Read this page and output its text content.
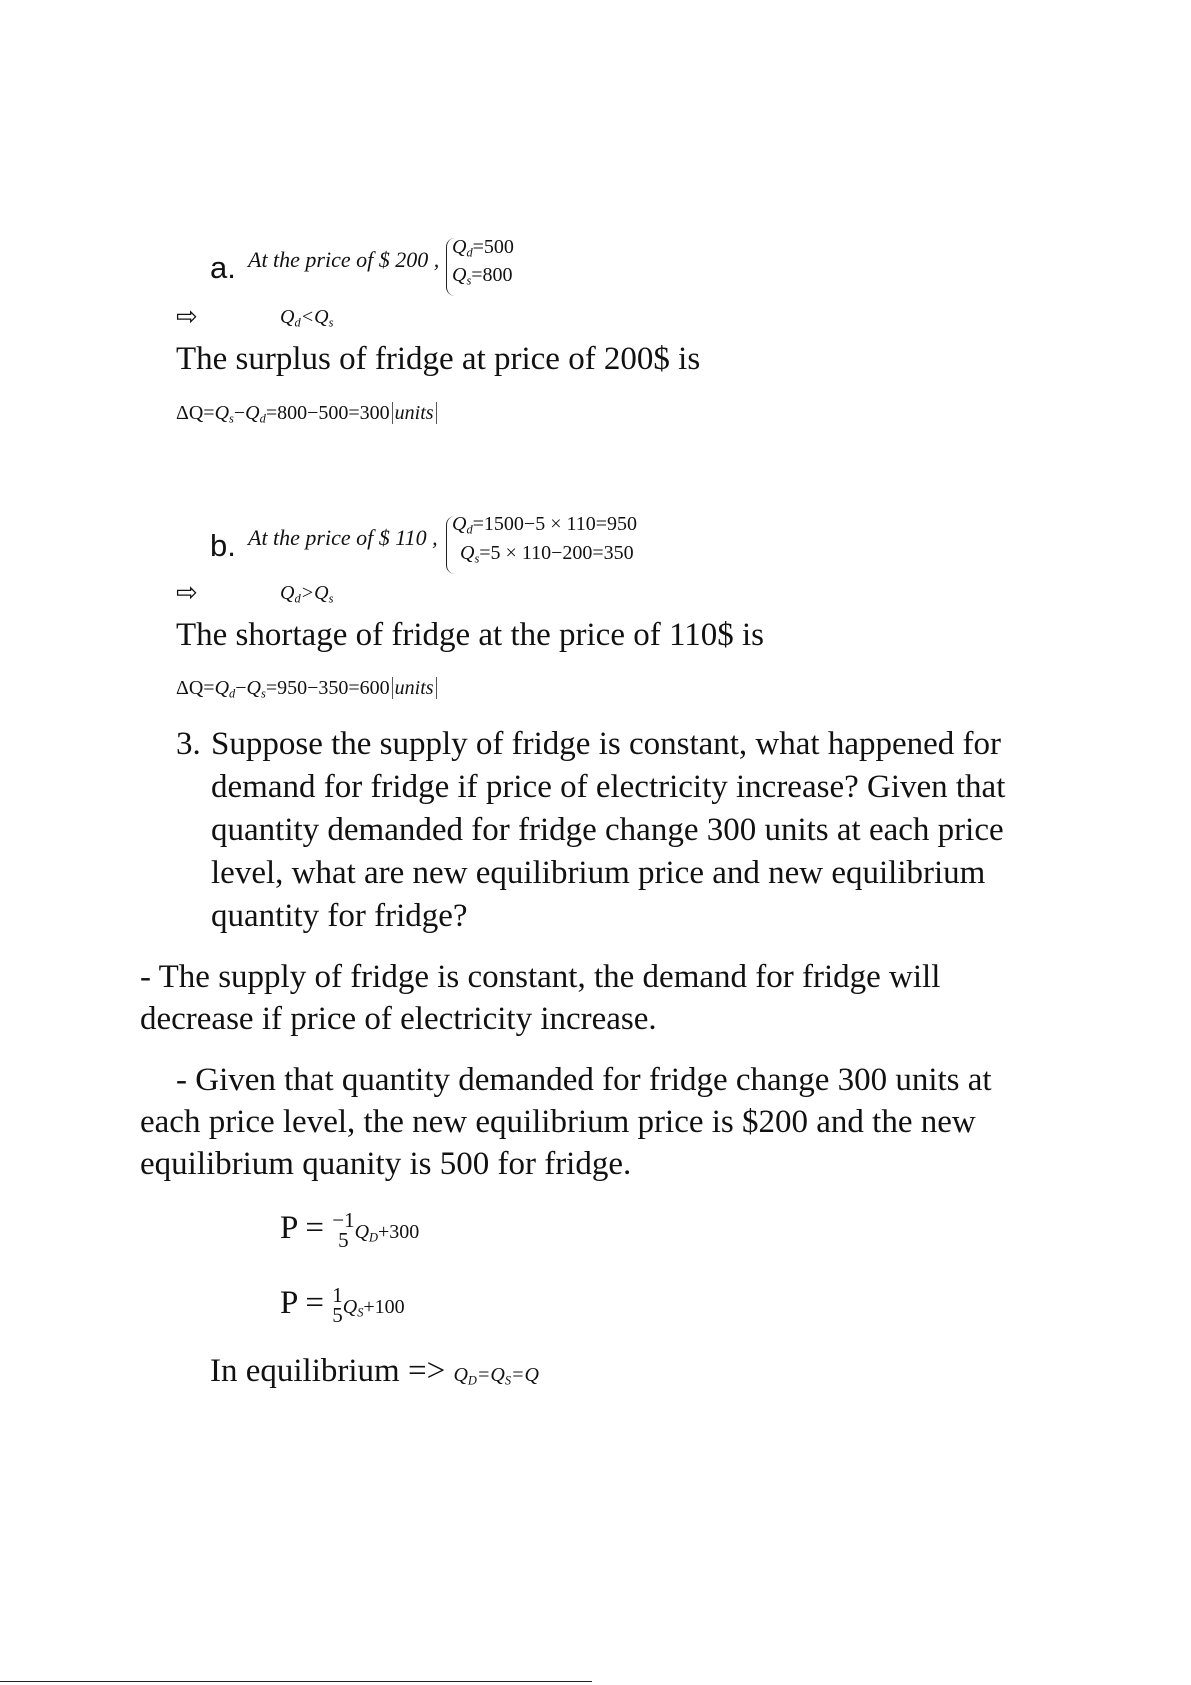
a. At the price of $ 200 , $Q_d=500$
$Q_s=800$
⇨	$Q_d<Q_s$
The surplus of fridge at price of 200$ is
$\Delta Q=Q_s-Q_d=800-500=300$ units
b. At the price of $ 110 ,
$Q_d=1500-5 \times 110=950$
$Q_s=5 \times 110-200=350$
⇨	$Q_d>Q_s$
The shortage of fridge at the price of 110$ is
$\Delta Q=Q_d-Q_s=950-350=600$ units
3. Suppose the supply of fridge is constant, what happened for demand for fridge if price of electricity increase? Given that quantity demanded for fridge change 300 units at each price level, what are new equilibrium price and new equilibrium quantity for fridge?
- The supply of fridge is constant, the demand for fridge will decrease if price of electricity increase.
- Given that quantity demanded for fridge change 300 units at each price level, the new equilibrium price is $200 and the new equilibrium quanity is 500 for fridge.
P = −1
5 $Q_D+300$
P = 1
5 $Q_S+100$
In equilibrium => $Q_D=Q_S=Q$
